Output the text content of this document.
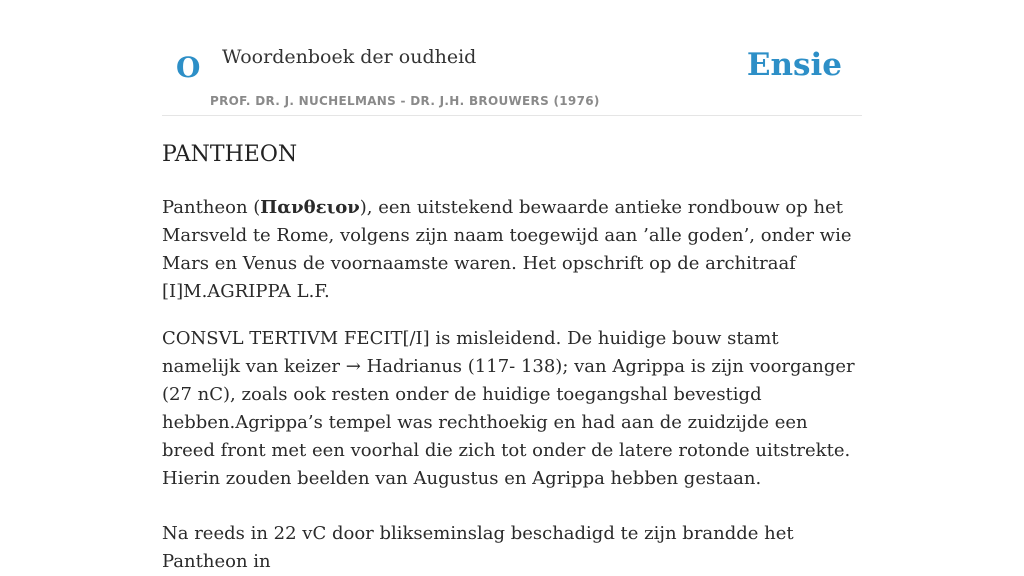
O Woordenboek der oudheid
PROF. DR. J. NUCHELMANS - DR. J.H. BROUWERS (1976)
Ensie
PANTHEON

Pantheon (Πανθειον), een uitstekend bewaarde antieke rondbouw op het Marsveld te Rome, volgens zijn naam toegewijd aan ’alle goden’, onder wie Mars en Venus de voornaamste waren. Het opschrift op de architraaf [I]M.AGRIPPA L.F.

CONSVL TERTIVM FECIT[/I] is misleidend. De huidige bouw stamt namelijk van keizer → Hadrianus (117- 138); van Agrippa is zijn voorganger (27 nC), zoals ook resten onder de huidige toegangshal bevestigd hebben.Agrippa’s tempel was rechthoekig en had aan de zuidzijde een breed front met een voorhal die zich tot onder de latere rotonde uitstrekte. Hierin zouden beelden van Augustus en Agrippa hebben gestaan.

Na reeds in 22 vC door blikseminslag beschadigd te zijn brandde het Pantheon in
